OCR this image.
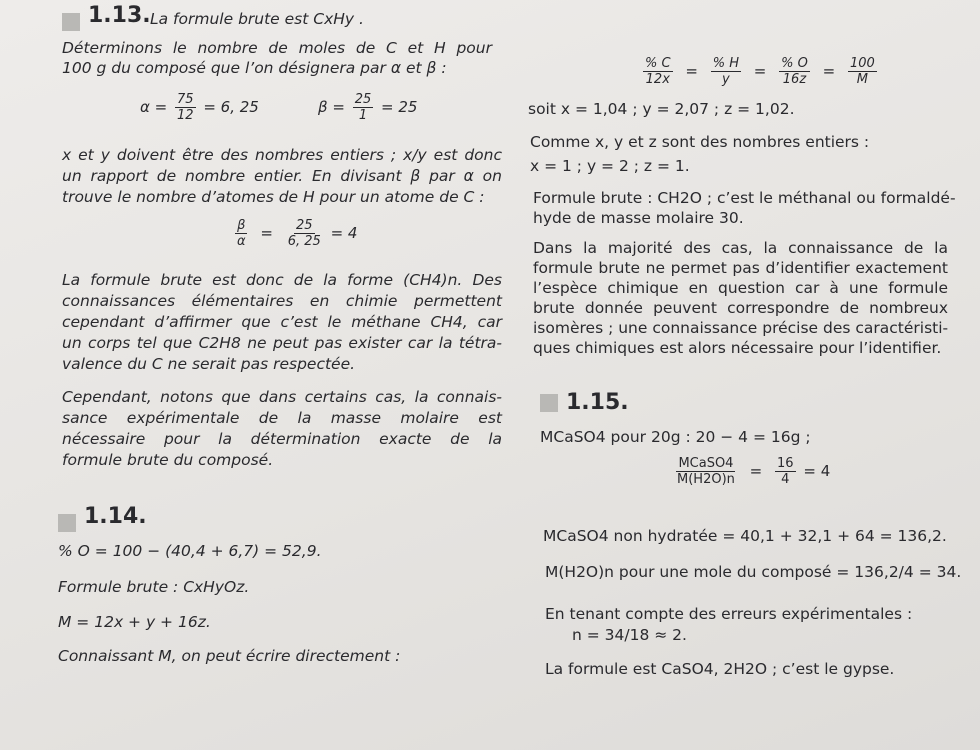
1.13. La formule brute est CxHy .
Déterminons le nombre de moles de C et H pour
100 g du composé que l’on désignera par α et β :
$\alpha = \frac{75}{12} = 6$, 25	$\beta = \frac{25}{1} = 25$
x et y doivent être des nombres entiers ; x/y est donc
un rapport de nombre entier. En divisant β par α on
trouve le nombre d’atomes de H pour un atome de C :
$\frac{\beta}{\alpha} = \frac{25}{6, 25} = 4$
La formule brute est donc de la forme (CH4)n. Des
connaissances élémentaires en chimie permettent
cependant d’affirmer que c’est le méthane CH4, car
un corps tel que C2H8 ne peut pas exister car la tétra-
valence du C ne serait pas respectée.
Cependant, notons que dans certains cas, la connais-
sance expérimentale de la masse molaire est
nécessaire pour la détermination exacte de la
formule brute du composé.
1.14.
% O = 100 − (40,4 + 6,7) = 52,9.
Formule brute : CxHyOz.
M = 12x + y + 16z.
Connaissant M, on peut écrire directement :
$\frac{\% C}{12x} = \frac{\% H}{y} = \frac{\% O}{16z} = \frac{100}{M}$
soit x = 1,04 ; y = 2,07 ; z = 1,02.
Comme x, y et z sont des nombres entiers :
x = 1 ; y = 2 ; z = 1.
Formule brute : CH2O ; c’est le méthanal ou formaldé-
hyde de masse molaire 30.
Dans la majorité des cas, la connaissance de la
formule brute ne permet pas d’identifier exactement
l’espèce chimique en question car à une formule
brute donnée peuvent correspondre de nombreux
isomères ; une connaissance précise des caractéristi-
ques chimiques est alors nécessaire pour l’identifier.
1.15.
MCaSO4 pour 20g : 20 − 4 = 16g ;
$\frac{\text{MCaSO4}}{M(H2O)n} = \frac{16}{4} = 4$
MCaSO4 non hydratée = 40,1 + 32,1 + 64 = 136,2.
M(H2O)n pour une mole du composé = 136,2/4 = 34.
En tenant compte des erreurs expérimentales :
n = 34/18 ≈ 2.
La formule est CaSO4, 2H2O ; c’est le gypse.
